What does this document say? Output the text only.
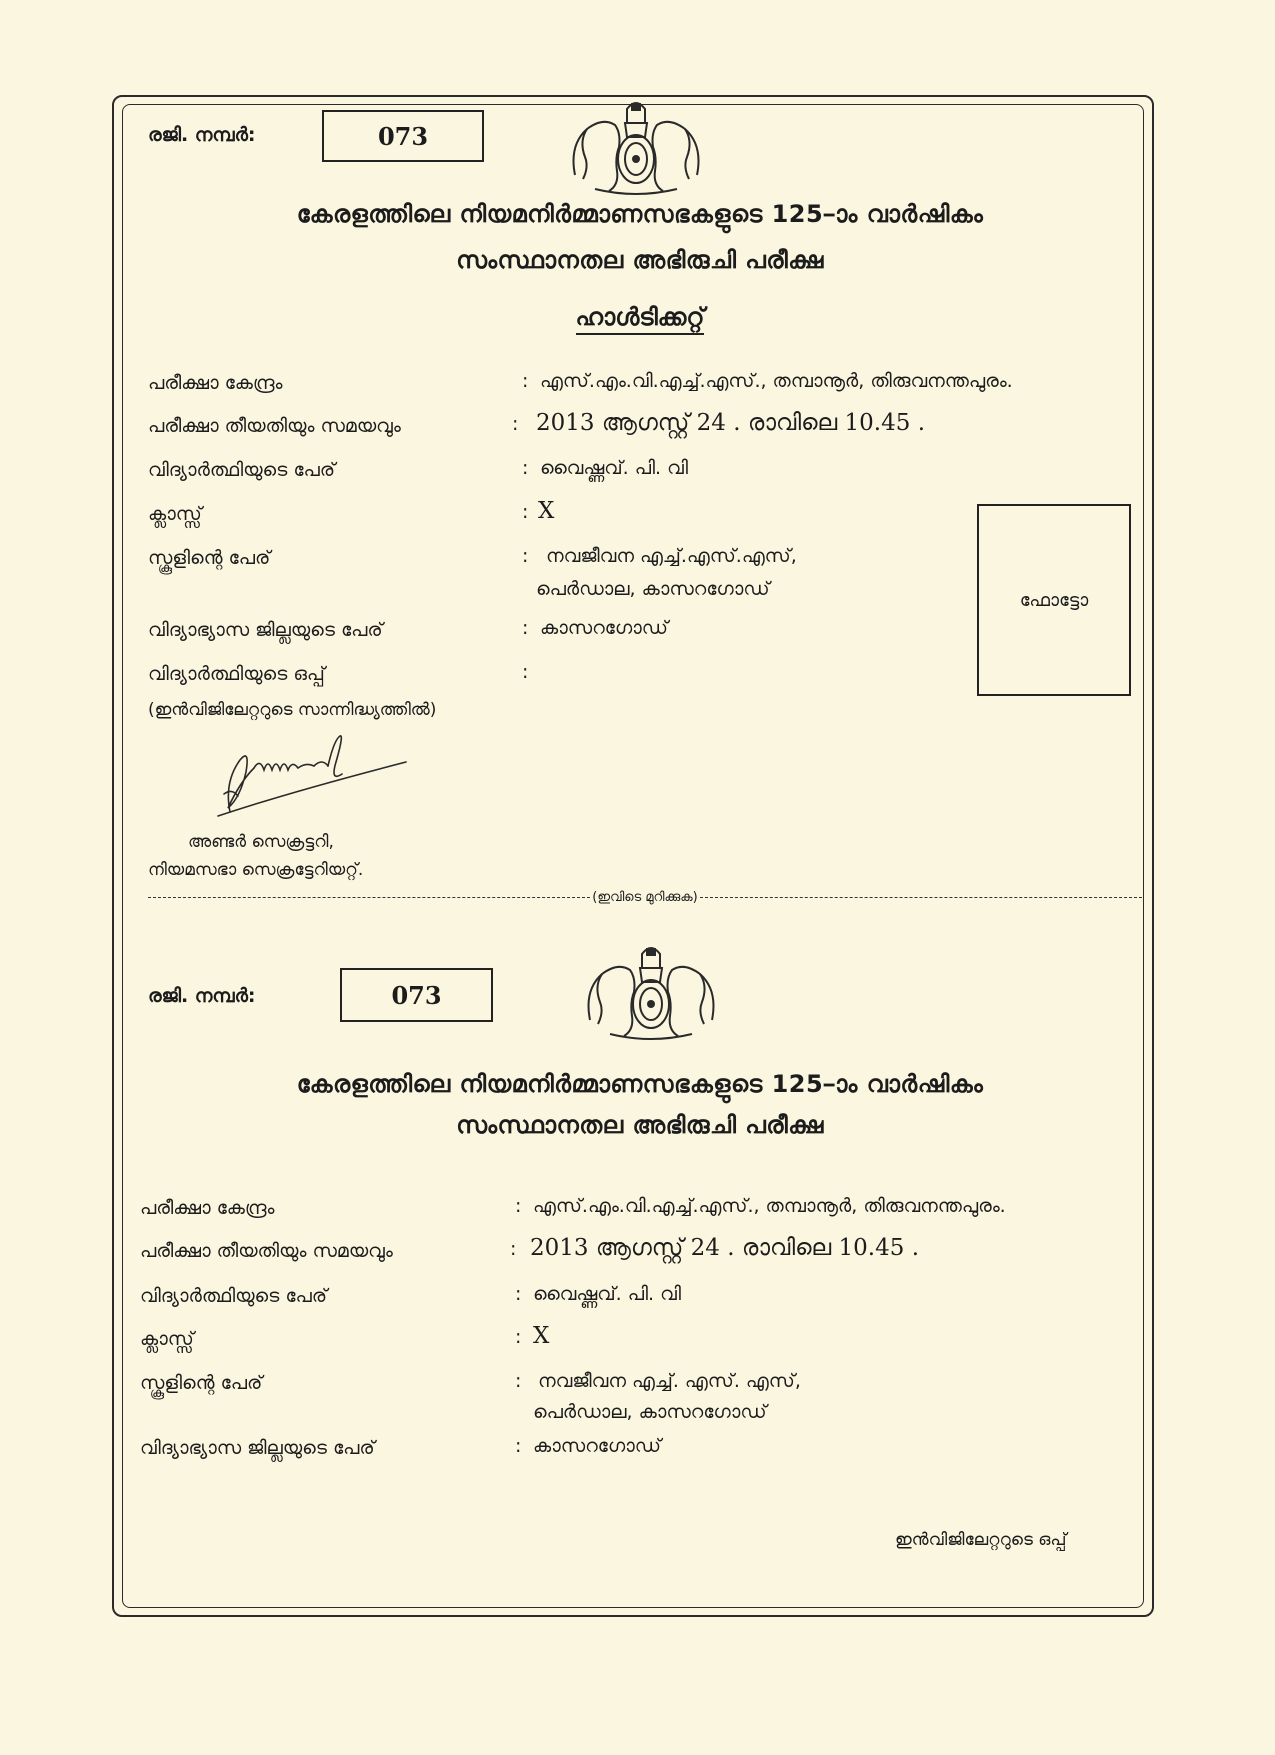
രജി. നമ്പർ:	073
കേരളത്തിലെ നിയമനിർമ്മാണസഭകളുടെ 125–ാം വാർഷികം
സംസ്ഥാനതല അഭിരുചി പരീക്ഷ
ഹാൾടിക്കറ്റ്
പരീക്ഷാ കേന്ദ്രം	: എസ്.എം.വി.എച്ച്.എസ്., തമ്പാനൂർ, തിരുവനന്തപുരം.
പരീക്ഷാ തീയതിയും സമയവും	: 2013 ആഗസ്റ്റ് 24 . രാവിലെ 10.45 .
വിദ്യാർത്ഥിയുടെ പേര്	: വൈഷ്ണവ്. പി. വി
ക്ലാസ്സ്	: X
സ്കൂളിന്റെ പേര്	: നവജീവന എച്ച്.എസ്.എസ്,
പെർഡാല, കാസറഗോഡ്
വിദ്യാഭ്യാസ ജില്ലയുടെ പേര്	: കാസറഗോഡ്
വിദ്യാർത്ഥിയുടെ ഒപ്പ്	:
(ഇൻവിജിലേറ്ററുടെ സാന്നിദ്ധ്യത്തിൽ)
ഫോട്ടോ
അണ്ടർ സെക്രട്ടറി,
നിയമസഭാ സെക്രട്ടേറിയറ്റ്.
(ഇവിടെ മുറിക്കുക)
രജി. നമ്പർ:	073
കേരളത്തിലെ നിയമനിർമ്മാണസഭകളുടെ 125–ാം വാർഷികം
സംസ്ഥാനതല അഭിരുചി പരീക്ഷ
പരീക്ഷാ കേന്ദ്രം	: എസ്.എം.വി.എച്ച്.എസ്., തമ്പാനൂർ, തിരുവനന്തപുരം.
പരീക്ഷാ തീയതിയും സമയവും	: 2013 ആഗസ്റ്റ് 24 . രാവിലെ 10.45 .
വിദ്യാർത്ഥിയുടെ പേര്	: വൈഷ്ണവ്. പി. വി
ക്ലാസ്സ്	: X
സ്കൂളിന്റെ പേര്	: നവജീവന എച്ച്. എസ്. എസ്,
പെർഡാല, കാസറഗോഡ്
വിദ്യാഭ്യാസ ജില്ലയുടെ പേര്	: കാസറഗോഡ്
ഇൻവിജിലേറ്ററുടെ ഒപ്പ്
